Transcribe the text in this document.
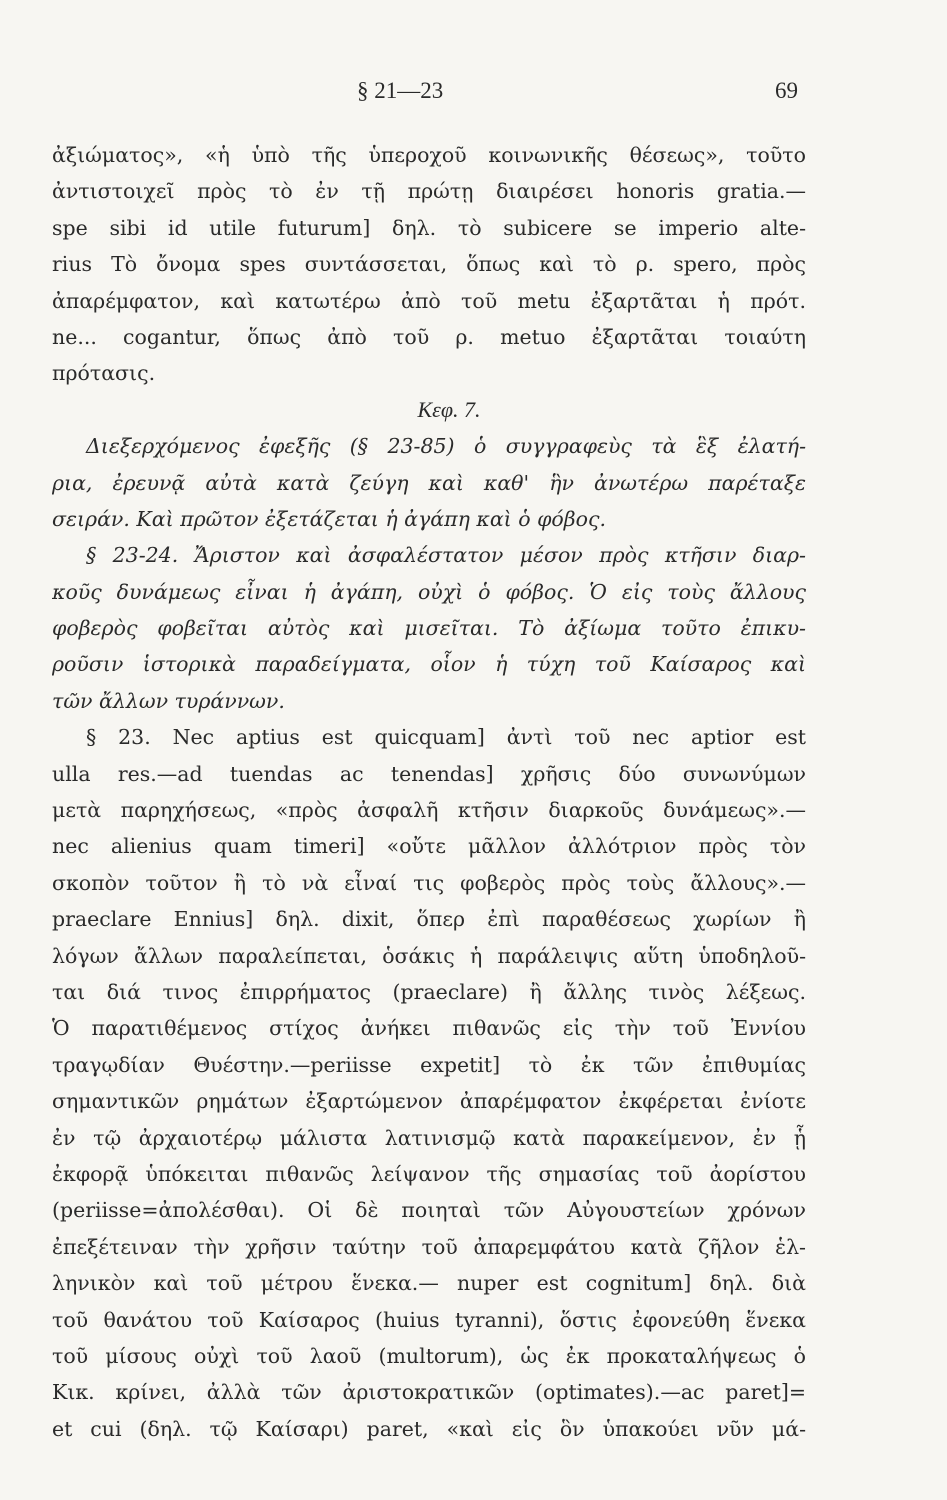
§ 21—23	69
ἀξιώματος», «ἡ ὑπὸ τῆς ὑπεροχοῦ κοινωνικῆς θέσεως», τοῦτο
ἀντιστοιχεῖ πρὸς τὸ ἐν τῇ πρώτῃ διαιρέσει honoris gratia.—
spe sibi id utile futurum] δηλ. τὸ subicere se imperio alte-
rius Τὸ ὄνομα spes συντάσσεται, ὅπως καὶ τὸ ρ. spero, πρὸς
ἀπαρέμφατον, καὶ κατωτέρω ἀπὸ τοῦ metu ἐξαρτᾶται ἡ πρότ.
ne... cogantur, ὅπως ἀπὸ τοῦ ρ. metuo ἐξαρτᾶται τοιαύτη
πρότασις.
Κεφ. 7.
Διεξερχόμενος ἐφεξῆς (§ 23-85) ὁ συγγραφεὺς τὰ ἓξ ἐλατή-
ρια, ἐρευνᾷ αὐτὰ κατὰ ζεύγη καὶ καθ' ἣν ἀνωτέρω παρέταξε
σειράν. Καὶ πρῶτον ἐξετάζεται ἡ ἀγάπη καὶ ὁ φόβος.
§ 23-24. Ἄριστον καὶ ἀσφαλέστατον μέσον πρὸς κτῆσιν διαρ-
κοῦς δυνάμεως εἶναι ἡ ἀγάπη, οὐχὶ ὁ φόβος. Ὁ εἰς τοὺς ἄλλους
φοβερὸς φοβεῖται αὐτὸς καὶ μισεῖται. Τὸ ἀξίωμα τοῦτο ἐπικυ-
ροῦσιν ἱστορικὰ παραδείγματα, οἷον ἡ τύχη τοῦ Καίσαρος καὶ
τῶν ἄλλων τυράννων.
§ 23. Nec aptius est quicquam] ἀντὶ τοῦ nec aptior est
ulla res.—ad tuendas ac tenendas] χρῆσις δύο συνωνύμων
μετὰ παρηχήσεως, «πρὸς ἀσφαλῆ κτῆσιν διαρκοῦς δυνάμεως».—
nec alienius quam timeri] «οὔτε μᾶλλον ἀλλότριον πρὸς τὸν
σκοπὸν τοῦτον ἢ τὸ νὰ εἶναί τις φοβερὸς πρὸς τοὺς ἄλλους».—
praeclare Ennius] δηλ. dixit, ὅπερ ἐπὶ παραθέσεως χωρίων ἢ
λόγων ἄλλων παραλείπεται, ὁσάκις ἡ παράλειψις αὕτη ὑποδηλοῦ-
ται διά τινος ἐπιρρήματος (praeclare) ἢ ἄλλης τινὸς λέξεως.
Ὁ παρατιθέμενος στίχος ἀνήκει πιθανῶς εἰς τὴν τοῦ Ἐννίου
τραγῳδίαν Θυέστην.—periisse expetit] τὸ ἐκ τῶν ἐπιθυμίας
σημαντικῶν ρημάτων ἐξαρτώμενον ἀπαρέμφατον ἐκφέρεται ἐνίοτε
ἐν τῷ ἀρχαιοτέρῳ μάλιστα λατινισμῷ κατὰ παρακείμενον, ἐν ᾗ
ἐκφορᾷ ὑπόκειται πιθανῶς λείψανον τῆς σημασίας τοῦ ἀορίστου
(periisse=ἀπολέσθαι). Οἱ δὲ ποιηταὶ τῶν Αὐγουστείων χρόνων
ἐπεξέτειναν τὴν χρῆσιν ταύτην τοῦ ἀπαρεμφάτου κατὰ ζῆλον ἑλ-
ληνικὸν καὶ τοῦ μέτρου ἕνεκα.— nuper est cognitum] δηλ. διὰ
τοῦ θανάτου τοῦ Καίσαρος (huius tyranni), ὅστις ἐφονεύθη ἕνεκα
τοῦ μίσους οὐχὶ τοῦ λαοῦ (multorum), ὡς ἐκ προκαταλήψεως ὁ
Κικ. κρίνει, ἀλλὰ τῶν ἀριστοκρατικῶν (optimates).—ac paret]=
et cui (δηλ. τῷ Καίσαρι) paret, «καὶ εἰς ὃν ὑπακούει νῦν μά-
